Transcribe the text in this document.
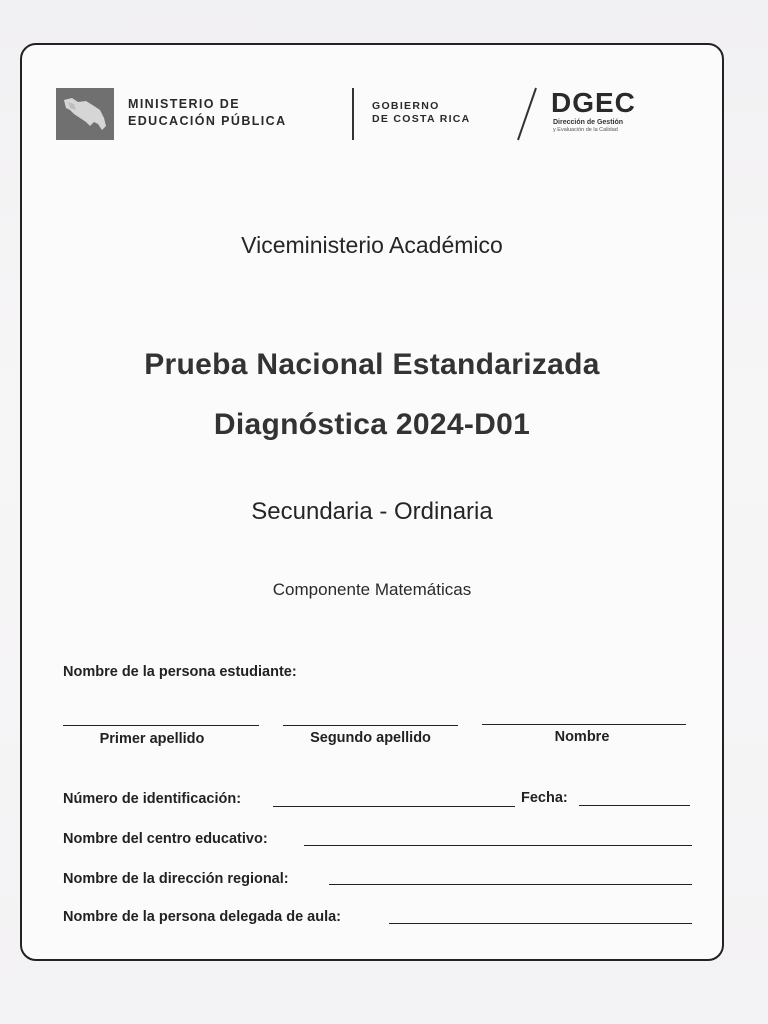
MINISTERIO DE
EDUCACIÓN PÚBLICA
GOBIERNO
DE COSTA RICA
DGEC
Dirección de Gestión
y Evaluación de la Calidad
Viceministerio Académico
Prueba Nacional Estandarizada
Diagnóstica 2024-D01
Secundaria - Ordinaria
Componente Matemáticas
Nombre de la persona estudiante:
Primer apellido	Segundo apellido	Nombre
Número de identificación:	Fecha:
Nombre del centro educativo:
Nombre de la dirección regional:
Nombre de la persona delegada de aula:
